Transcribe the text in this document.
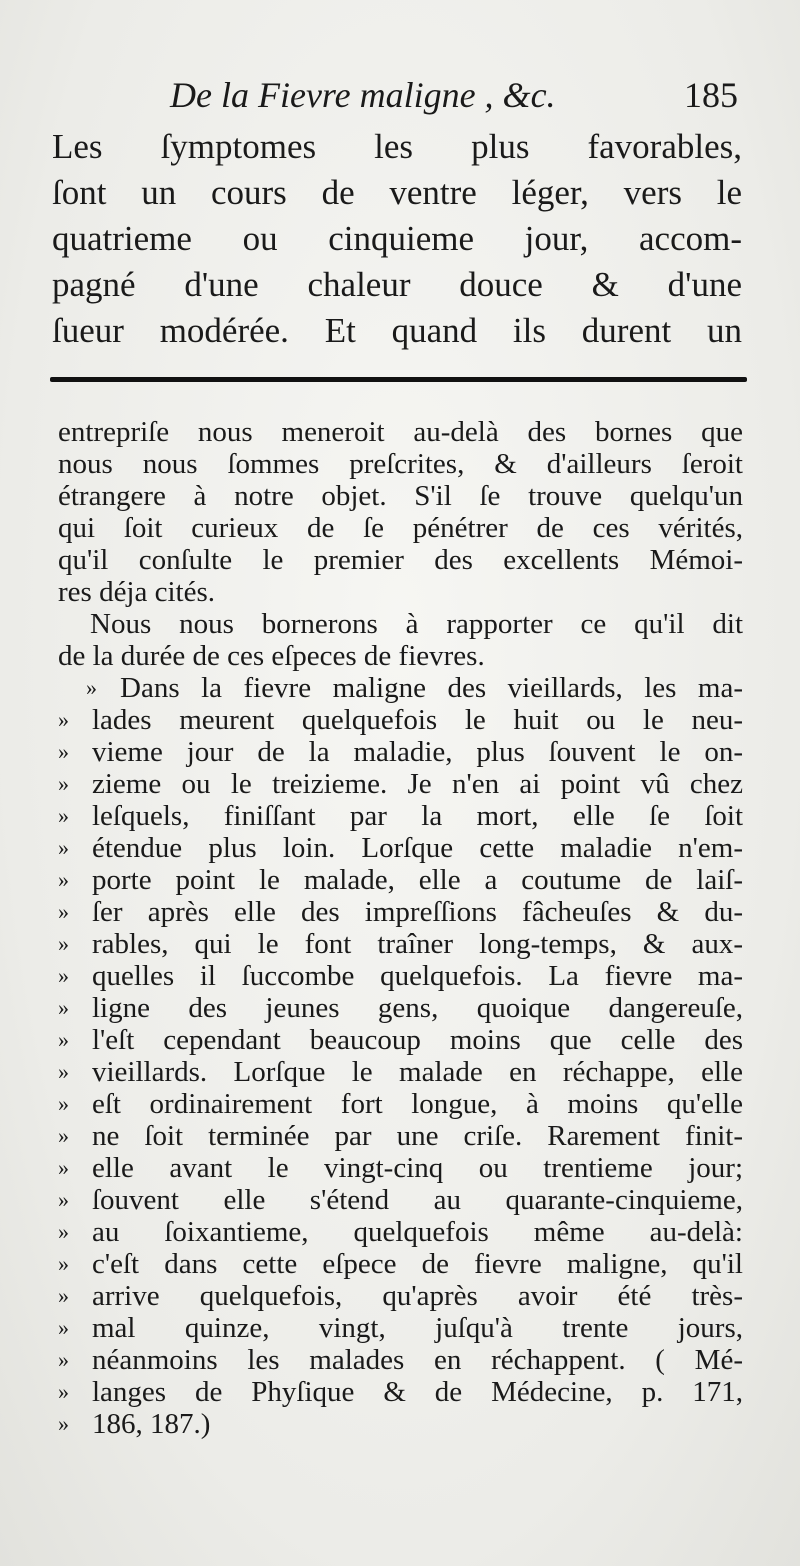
De la Fievre maligne , &c.	185
Les ſymptomes les plus favorables,
ſont un cours de ventre léger, vers le
quatrieme ou cinquieme jour, accom-
pagné d'une chaleur douce & d'une
ſueur modérée. Et quand ils durent un
entrepriſe nous meneroit au-delà des bornes que
nous nous ſommes preſcrites, & d'ailleurs ſeroit
étrangere à notre objet. S'il ſe trouve quelqu'un
qui ſoit curieux de ſe pénétrer de ces vérités,
qu'il conſulte le premier des excellents Mémoi-
res déja cités.
Nous nous bornerons à rapporter ce qu'il dit
de la durée de ces eſpeces de fievres.
» Dans la fievre maligne des vieillards, les ma-
» lades meurent quelquefois le huit ou le neu-
» vieme jour de la maladie, plus ſouvent le on-
» zieme ou le treizieme. Je n'en ai point vû chez
» leſquels, finiſſant par la mort, elle ſe ſoit
» étendue plus loin. Lorſque cette maladie n'em-
» porte point le malade, elle a coutume de laiſ-
» ſer après elle des impreſſions fâcheuſes & du-
» rables, qui le font traîner long-temps, & aux-
» quelles il ſuccombe quelquefois. La fievre ma-
» ligne des jeunes gens, quoique dangereuſe,
» l'eſt cependant beaucoup moins que celle des
» vieillards. Lorſque le malade en réchappe, elle
» eſt ordinairement fort longue, à moins qu'elle
» ne ſoit terminée par une criſe. Rarement finit-
» elle avant le vingt-cinq ou trentieme jour;
» ſouvent elle s'étend au quarante-cinquieme,
» au ſoixantieme, quelquefois même au-delà:
» c'eſt dans cette eſpece de fievre maligne, qu'il
» arrive quelquefois, qu'après avoir été très-
» mal quinze, vingt, juſqu'à trente jours,
» néanmoins les malades en réchappent. ( Mé-
» langes de Phyſique & de Médecine, p. 171,
» 186, 187.)
